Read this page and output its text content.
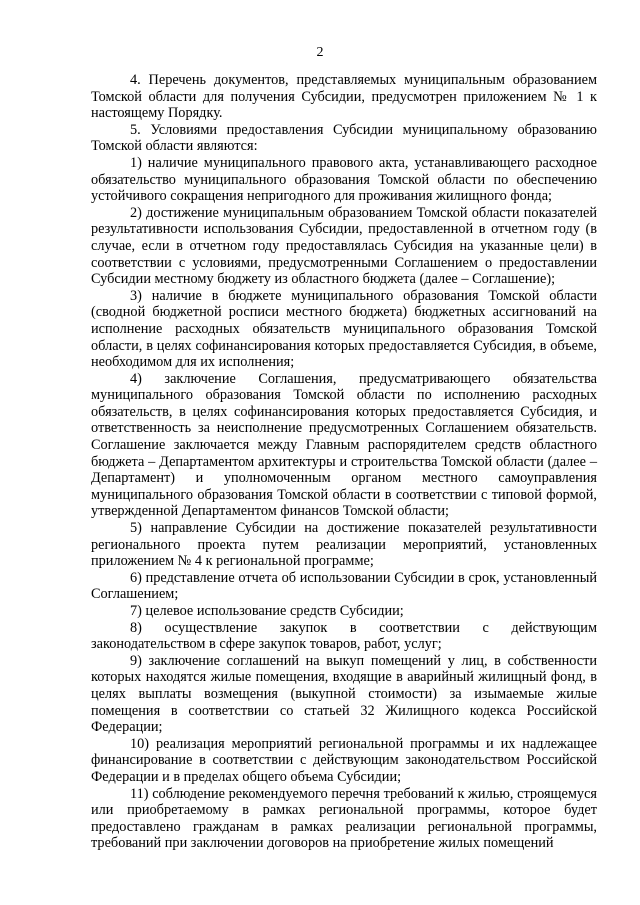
2

4. Перечень документов, представляемых муниципальным образованием Томской области для получения Субсидии, предусмотрен приложением № 1 к настоящему Порядку.

5. Условиями предоставления Субсидии муниципальному образованию Томской области являются:

1) наличие муниципального правового акта, устанавливающего расходное обязательство муниципального образования Томской области по обеспечению устойчивого сокращения непригодного для проживания жилищного фонда;

2) достижение муниципальным образованием Томской области показателей результативности использования Субсидии, предоставленной в отчетном году (в случае, если в отчетном году предоставлялась Субсидия на указанные цели) в соответствии с условиями, предусмотренными Соглашением о предоставлении Субсидии местному бюджету из областного бюджета (далее – Соглашение);

3) наличие в бюджете муниципального образования Томской области (сводной бюджетной росписи местного бюджета) бюджетных ассигнований на исполнение расходных обязательств муниципального образования Томской области, в целях софинансирования которых предоставляется Субсидия, в объеме, необходимом для их исполнения;

4) заключение Соглашения, предусматривающего обязательства муниципального образования Томской области по исполнению расходных обязательств, в целях софинансирования которых предоставляется Субсидия, и ответственность за неисполнение предусмотренных Соглашением обязательств. Соглашение заключается между Главным распорядителем средств областного бюджета – Департаментом архитектуры и строительства Томской области (далее – Департамент) и уполномоченным органом местного самоуправления муниципального образования Томской области в соответствии с типовой формой, утвержденной Департаментом финансов Томской области;

5) направление Субсидии на достижение показателей результативности регионального проекта путем реализации мероприятий, установленных приложением № 4 к региональной программе;

6) представление отчета об использовании Субсидии в срок, установленный Соглашением;

7) целевое использование средств Субсидии;

8) осуществление закупок в соответствии с действующим законодательством в сфере закупок товаров, работ, услуг;

9) заключение соглашений на выкуп помещений у лиц, в собственности которых находятся жилые помещения, входящие в аварийный жилищный фонд, в целях выплаты возмещения (выкупной стоимости) за изымаемые жилые помещения в соответствии со статьей 32 Жилищного кодекса Российской Федерации;

10) реализация мероприятий региональной программы и их надлежащее финансирование в соответствии с действующим законодательством Российской Федерации и в пределах общего объема Субсидии;

11) соблюдение рекомендуемого перечня требований к жилью, строящемуся или приобретаемому в рамках региональной программы, которое будет предоставлено гражданам в рамках реализации региональной программы, требований при заключении договоров на приобретение жилых помещений
